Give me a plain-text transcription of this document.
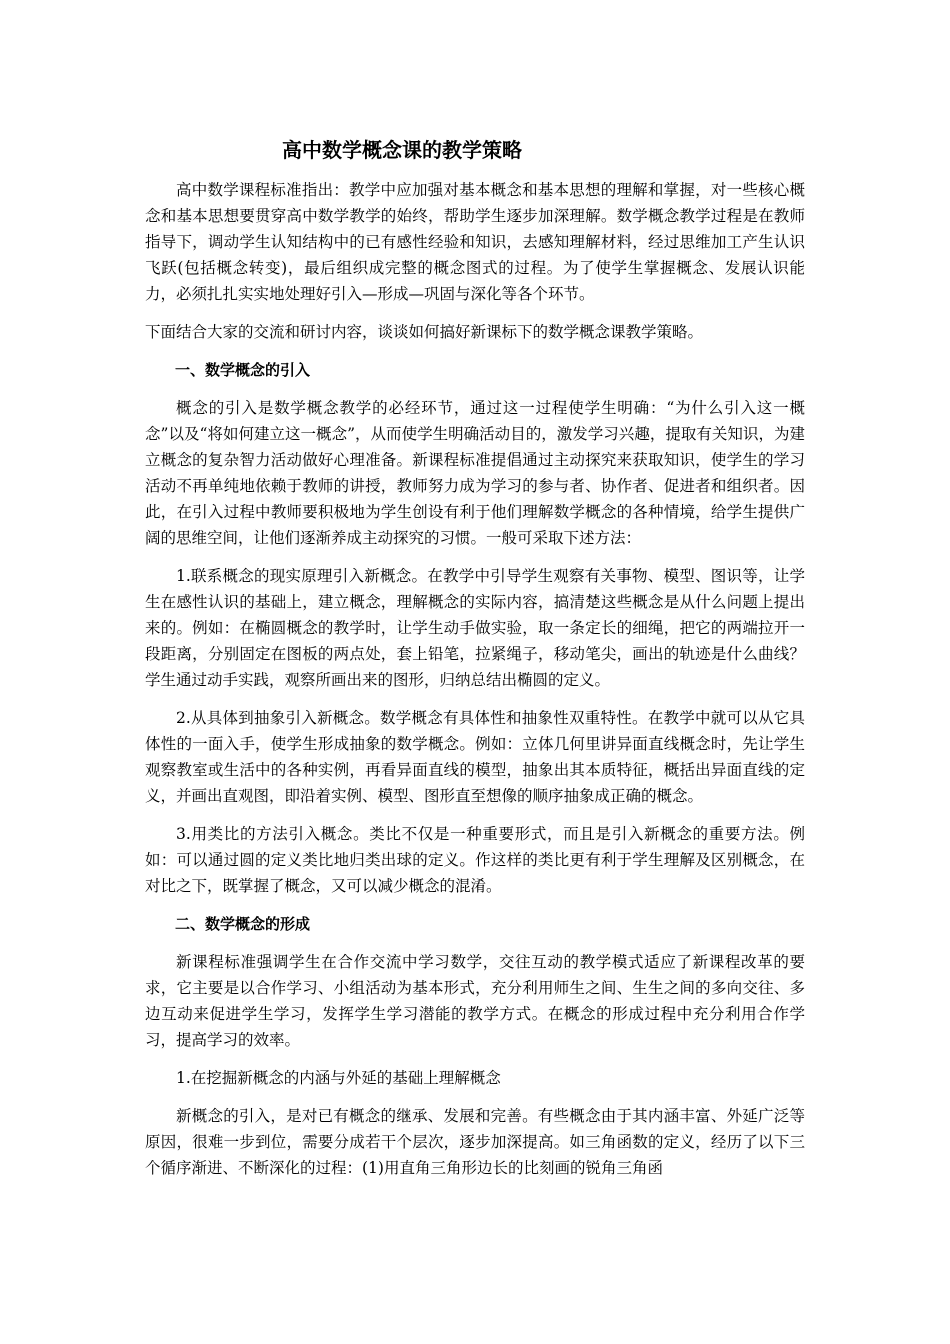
高中数学概念课的教学策略

高中数学课程标准指出：教学中应加强对基本概念和基本思想的理解和掌握，对一些核心概念和基本思想要贯穿高中数学教学的始终，帮助学生逐步加深理解。数学概念教学过程是在教师指导下，调动学生认知结构中的已有感性经验和知识，去感知理解材料，经过思维加工产生认识飞跃(包括概念转变)，最后组织成完整的概念图式的过程。为了使学生掌握概念、发展认识能力，必须扎扎实实地处理好引入—形成—巩固与深化等各个环节。

下面结合大家的交流和研讨内容，谈谈如何搞好新课标下的数学概念课教学策略。

一、数学概念的引入

概念的引入是数学概念教学的必经环节，通过这一过程使学生明确：“为什么引入这一概念”以及“将如何建立这一概念”，从而使学生明确活动目的，激发学习兴趣，提取有关知识，为建立概念的复杂智力活动做好心理准备。新课程标准提倡通过主动探究来获取知识，使学生的学习活动不再单纯地依赖于教师的讲授，教师努力成为学习的参与者、协作者、促进者和组织者。因此，在引入过程中教师要积极地为学生创设有利于他们理解数学概念的各种情境，给学生提供广阔的思维空间，让他们逐渐养成主动探究的习惯。一般可采取下述方法：

1.联系概念的现实原理引入新概念。在教学中引导学生观察有关事物、模型、图识等，让学生在感性认识的基础上，建立概念，理解概念的实际内容，搞清楚这些概念是从什么问题上提出来的。例如：在椭圆概念的教学时，让学生动手做实验，取一条定长的细绳，把它的两端拉开一段距离，分别固定在图板的两点处，套上铅笔，拉紧绳子，移动笔尖，画出的轨迹是什么曲线？学生通过动手实践，观察所画出来的图形，归纳总结出椭圆的定义。

2.从具体到抽象引入新概念。数学概念有具体性和抽象性双重特性。在教学中就可以从它具体性的一面入手，使学生形成抽象的数学概念。例如：立体几何里讲异面直线概念时，先让学生观察教室或生活中的各种实例，再看异面直线的模型，抽象出其本质特征，概括出异面直线的定义，并画出直观图，即沿着实例、模型、图形直至想像的顺序抽象成正确的概念。

3.用类比的方法引入概念。类比不仅是一种重要形式，而且是引入新概念的重要方法。例如：可以通过圆的定义类比地归类出球的定义。作这样的类比更有利于学生理解及区别概念，在对比之下，既掌握了概念，又可以减少概念的混淆。

二、数学概念的形成

新课程标准强调学生在合作交流中学习数学，交往互动的教学模式适应了新课程改革的要求，它主要是以合作学习、小组活动为基本形式，充分利用师生之间、生生之间的多向交往、多边互动来促进学生学习，发挥学生学习潜能的教学方式。在概念的形成过程中充分利用合作学习，提高学习的效率。

1.在挖掘新概念的内涵与外延的基础上理解概念

新概念的引入，是对已有概念的继承、发展和完善。有些概念由于其内涵丰富、外延广泛等原因，很难一步到位，需要分成若干个层次，逐步加深提高。如三角函数的定义，经历了以下三个循序渐进、不断深化的过程：(1)用直角三角形边长的比刻画的锐角三角函
